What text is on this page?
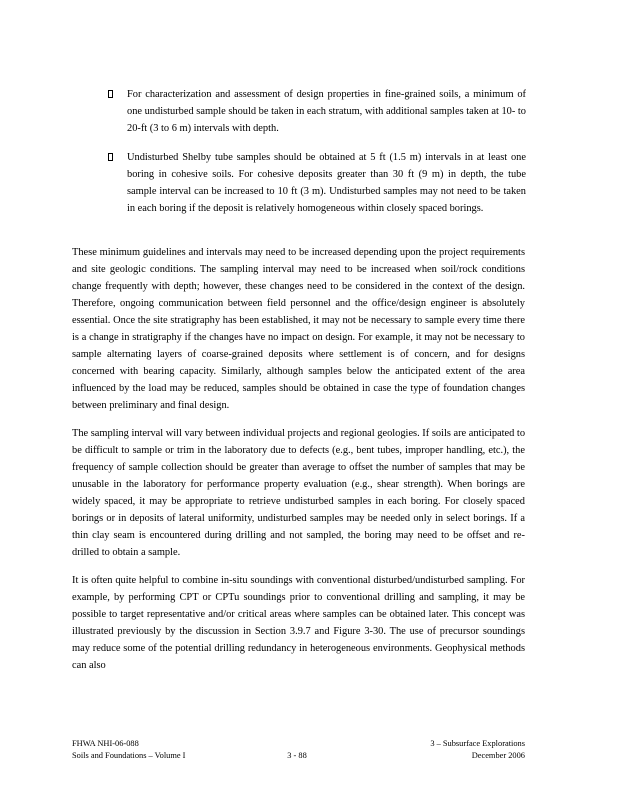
For characterization and assessment of design properties in fine-grained soils, a minimum of one undisturbed sample should be taken in each stratum, with additional samples taken at 10- to 20-ft (3 to 6 m) intervals with depth.
Undisturbed Shelby tube samples should be obtained at 5 ft (1.5 m) intervals in at least one boring in cohesive soils. For cohesive deposits greater than 30 ft (9 m) in depth, the tube sample interval can be increased to 10 ft (3 m). Undisturbed samples may not need to be taken in each boring if the deposit is relatively homogeneous within closely spaced borings.

These minimum guidelines and intervals may need to be increased depending upon the project requirements and site geologic conditions. The sampling interval may need to be increased when soil/rock conditions change frequently with depth; however, these changes need to be considered in the context of the design. Therefore, ongoing communication between field personnel and the office/design engineer is absolutely essential. Once the site stratigraphy has been established, it may not be necessary to sample every time there is a change in stratigraphy if the changes have no impact on design. For example, it may not be necessary to sample alternating layers of coarse-grained deposits where settlement is of concern, and for designs concerned with bearing capacity. Similarly, although samples below the anticipated extent of the area influenced by the load may be reduced, samples should be obtained in case the type of foundation changes between preliminary and final design.

The sampling interval will vary between individual projects and regional geologies. If soils are anticipated to be difficult to sample or trim in the laboratory due to defects (e.g., bent tubes, improper handling, etc.), the frequency of sample collection should be greater than average to offset the number of samples that may be unusable in the laboratory for performance property evaluation (e.g., shear strength). When borings are widely spaced, it may be appropriate to retrieve undisturbed samples in each boring. For closely spaced borings or in deposits of lateral uniformity, undisturbed samples may be needed only in select borings. If a thin clay seam is encountered during drilling and not sampled, the boring may need to be offset and re-drilled to obtain a sample.

It is often quite helpful to combine in-situ soundings with conventional disturbed/undisturbed sampling. For example, by performing CPT or CPTu soundings prior to conventional drilling and sampling, it may be possible to target representative and/or critical areas where samples can be obtained later. This concept was illustrated previously by the discussion in Section 3.9.7 and Figure 3-30. The use of precursor soundings may reduce some of the potential drilling redundancy in heterogeneous environments. Geophysical methods can also

FHWA NHI-06-088
Soils and Foundations – Volume I	3 - 88
3 – Subsurface Explorations
December 2006
